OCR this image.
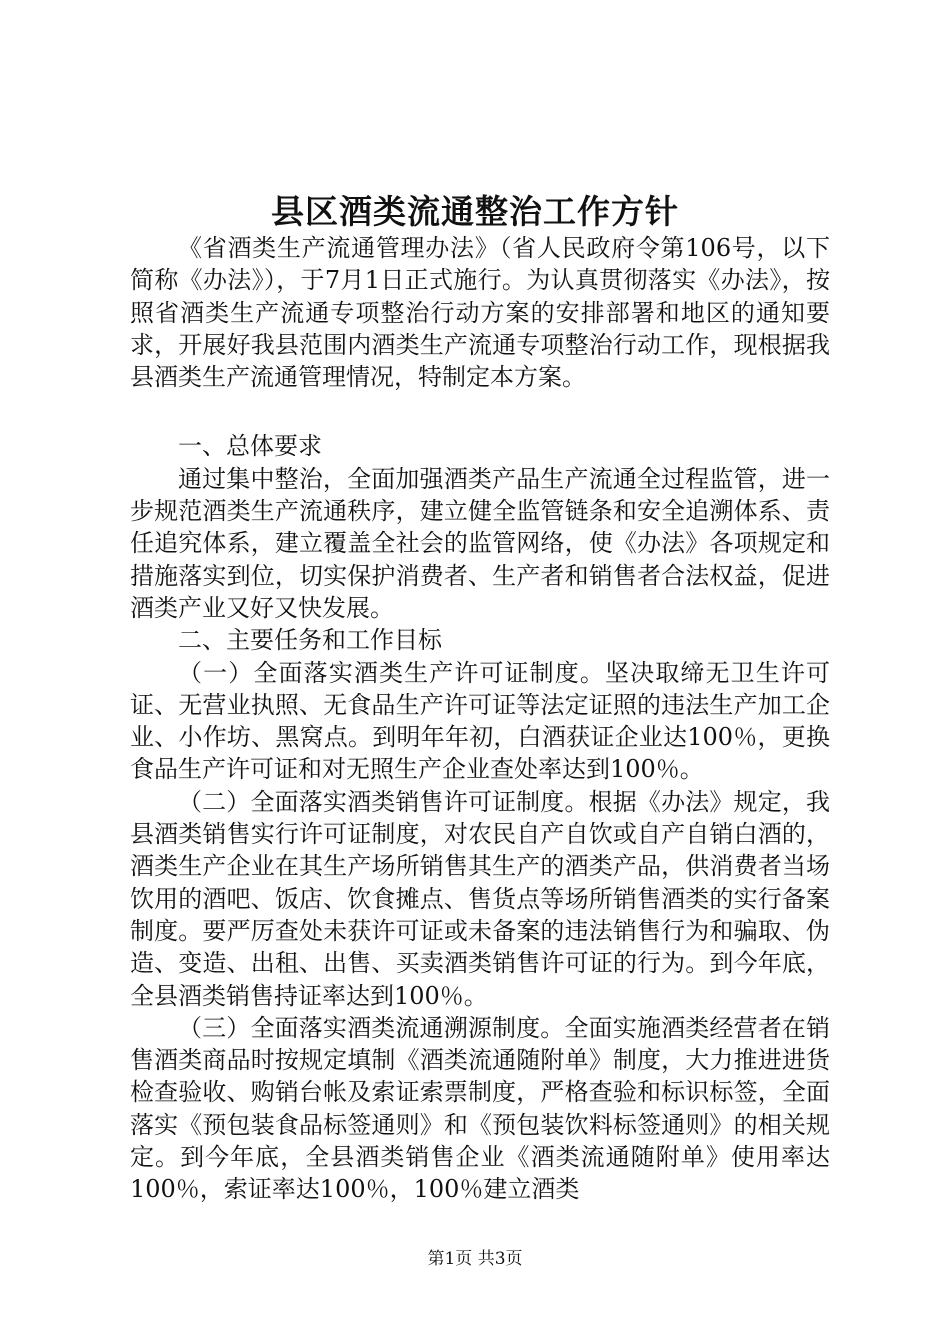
县区酒类流通整治工作方针

《省酒类生产流通管理办法》（省人民政府令第106号，以下简称《办法》），于7月1日正式施行。为认真贯彻落实《办法》，按照省酒类生产流通专项整治行动方案的安排部署和地区的通知要求，开展好我县范围内酒类生产流通专项整治行动工作，现根据我县酒类生产流通管理情况，特制定本方案。

一、总体要求

通过集中整治，全面加强酒类产品生产流通全过程监管，进一步规范酒类生产流通秩序，建立健全监管链条和安全追溯体系、责任追究体系，建立覆盖全社会的监管网络，使《办法》各项规定和措施落实到位，切实保护消费者、生产者和销售者合法权益，促进酒类产业又好又快发展。

二、主要任务和工作目标

（一）全面落实酒类生产许可证制度。坚决取缔无卫生许可证、无营业执照、无食品生产许可证等法定证照的违法生产加工企业、小作坊、黑窝点。到明年年初，白酒获证企业达100％，更换食品生产许可证和对无照生产企业查处率达到100％。

（二）全面落实酒类销售许可证制度。根据《办法》规定，我县酒类销售实行许可证制度，对农民自产自饮或自产自销白酒的，酒类生产企业在其生产场所销售其生产的酒类产品，供消费者当场饮用的酒吧、饭店、饮食摊点、售货点等场所销售酒类的实行备案制度。要严厉查处未获许可证或未备案的违法销售行为和骗取、伪造、变造、出租、出售、买卖酒类销售许可证的行为。到今年底，全县酒类销售持证率达到100％。

（三）全面落实酒类流通溯源制度。全面实施酒类经营者在销售酒类商品时按规定填制《酒类流通随附单》制度，大力推进进货检查验收、购销台帐及索证索票制度，严格查验和标识标签，全面落实《预包装食品标签通则》和《预包装饮料标签通则》的相关规定。到今年底，全县酒类销售企业《酒类流通随附单》使用率达100％，索证率达100％，100％建立酒类

第1页 共3页
